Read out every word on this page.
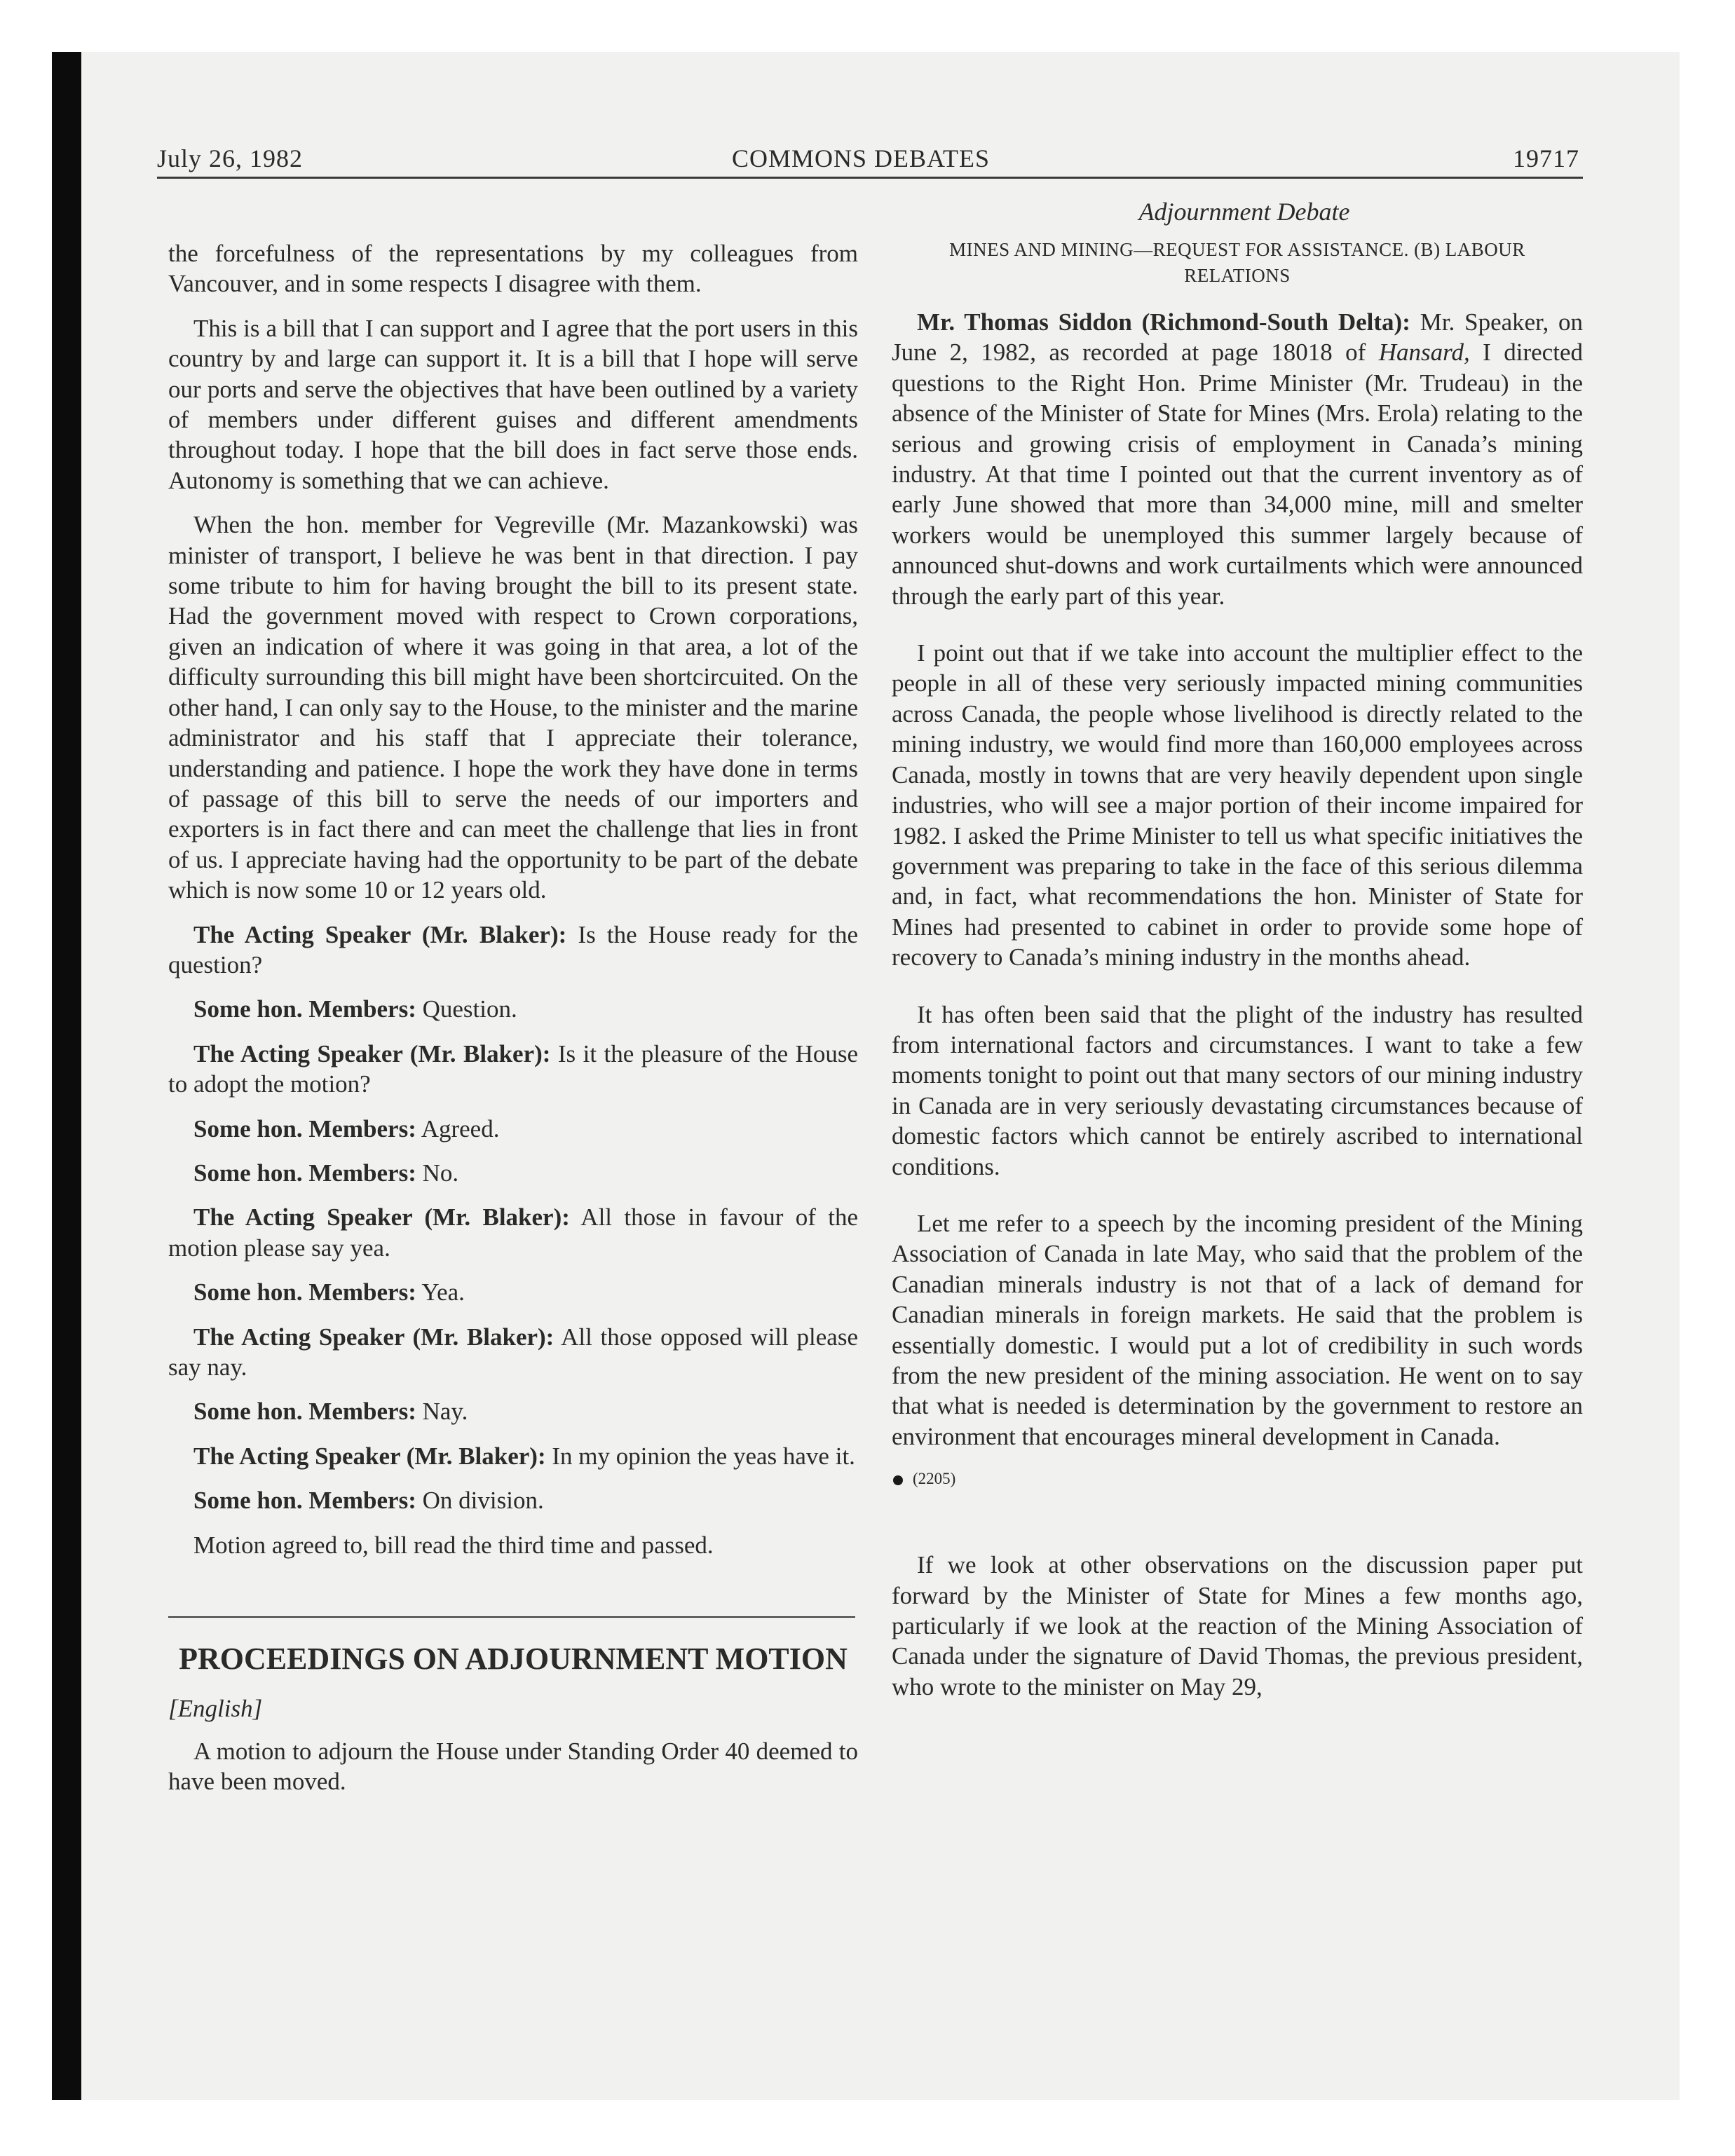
July 26, 1982	COMMONS DEBATES	19717
Adjournment Debate

the forcefulness of the representations by my colleagues from Vancouver, and in some respects I disagree with them.

This is a bill that I can support and I agree that the port users in this country by and large can support it. It is a bill that I hope will serve our ports and serve the objectives that have been outlined by a variety of members under different guises and different amendments throughout today. I hope that the bill does in fact serve those ends. Autonomy is something that we can achieve.

When the hon. member for Vegreville (Mr. Mazankowski) was minister of transport, I believe he was bent in that direction. I pay some tribute to him for having brought the bill to its present state. Had the government moved with respect to Crown corporations, given an indication of where it was going in that area, a lot of the difficulty surrounding this bill might have been shortcircuited. On the other hand, I can only say to the House, to the minister and the marine administrator and his staff that I appreciate their tolerance, understanding and patience. I hope the work they have done in terms of passage of this bill to serve the needs of our importers and exporters is in fact there and can meet the challenge that lies in front of us. I appreciate having had the opportunity to be part of the debate which is now some 10 or 12 years old.

The Acting Speaker (Mr. Blaker): Is the House ready for the question?

Some hon. Members: Question.

The Acting Speaker (Mr. Blaker): Is it the pleasure of the House to adopt the motion?

Some hon. Members: Agreed.

Some hon. Members: No.

The Acting Speaker (Mr. Blaker): All those in favour of the motion please say yea.

Some hon. Members: Yea.

The Acting Speaker (Mr. Blaker): All those opposed will please say nay.

Some hon. Members: Nay.

The Acting Speaker (Mr. Blaker): In my opinion the yeas have it.

Some hon. Members: On division.

Motion agreed to, bill read the third time and passed.

PROCEEDINGS ON ADJOURNMENT MOTION
[English]

A motion to adjourn the House under Standing Order 40 deemed to have been moved.

MINES AND MINING—REQUEST FOR ASSISTANCE. (B) LABOUR RELATIONS

Mr. Thomas Siddon (Richmond-South Delta): Mr. Speaker, on June 2, 1982, as recorded at page 18018 of Hansard, I directed questions to the Right Hon. Prime Minister (Mr. Trudeau) in the absence of the Minister of State for Mines (Mrs. Erola) relating to the serious and growing crisis of employment in Canada’s mining industry. At that time I pointed out that the current inventory as of early June showed that more than 34,000 mine, mill and smelter workers would be unemployed this summer largely because of announced shut-downs and work curtailments which were announced through the early part of this year.

I point out that if we take into account the multiplier effect to the people in all of these very seriously impacted mining communities across Canada, the people whose livelihood is directly related to the mining industry, we would find more than 160,000 employees across Canada, mostly in towns that are very heavily dependent upon single industries, who will see a major portion of their income impaired for 1982. I asked the Prime Minister to tell us what specific initiatives the government was preparing to take in the face of this serious dilemma and, in fact, what recommendations the hon. Minister of State for Mines had presented to cabinet in order to provide some hope of recovery to Canada’s mining industry in the months ahead.

It has often been said that the plight of the industry has resulted from international factors and circumstances. I want to take a few moments tonight to point out that many sectors of our mining industry in Canada are in very seriously devastating circumstances because of domestic factors which cannot be entirely ascribed to international conditions.

Let me refer to a speech by the incoming president of the Mining Association of Canada in late May, who said that the problem of the Canadian minerals industry is not that of a lack of demand for Canadian minerals in foreign markets. He said that the problem is essentially domestic. I would put a lot of credibility in such words from the new president of the mining association. He went on to say that what is needed is determination by the government to restore an environment that encourages mineral development in Canada.

(2205)

If we look at other observations on the discussion paper put forward by the Minister of State for Mines a few months ago, particularly if we look at the reaction of the Mining Association of Canada under the signature of David Thomas, the previous president, who wrote to the minister on May 29,
